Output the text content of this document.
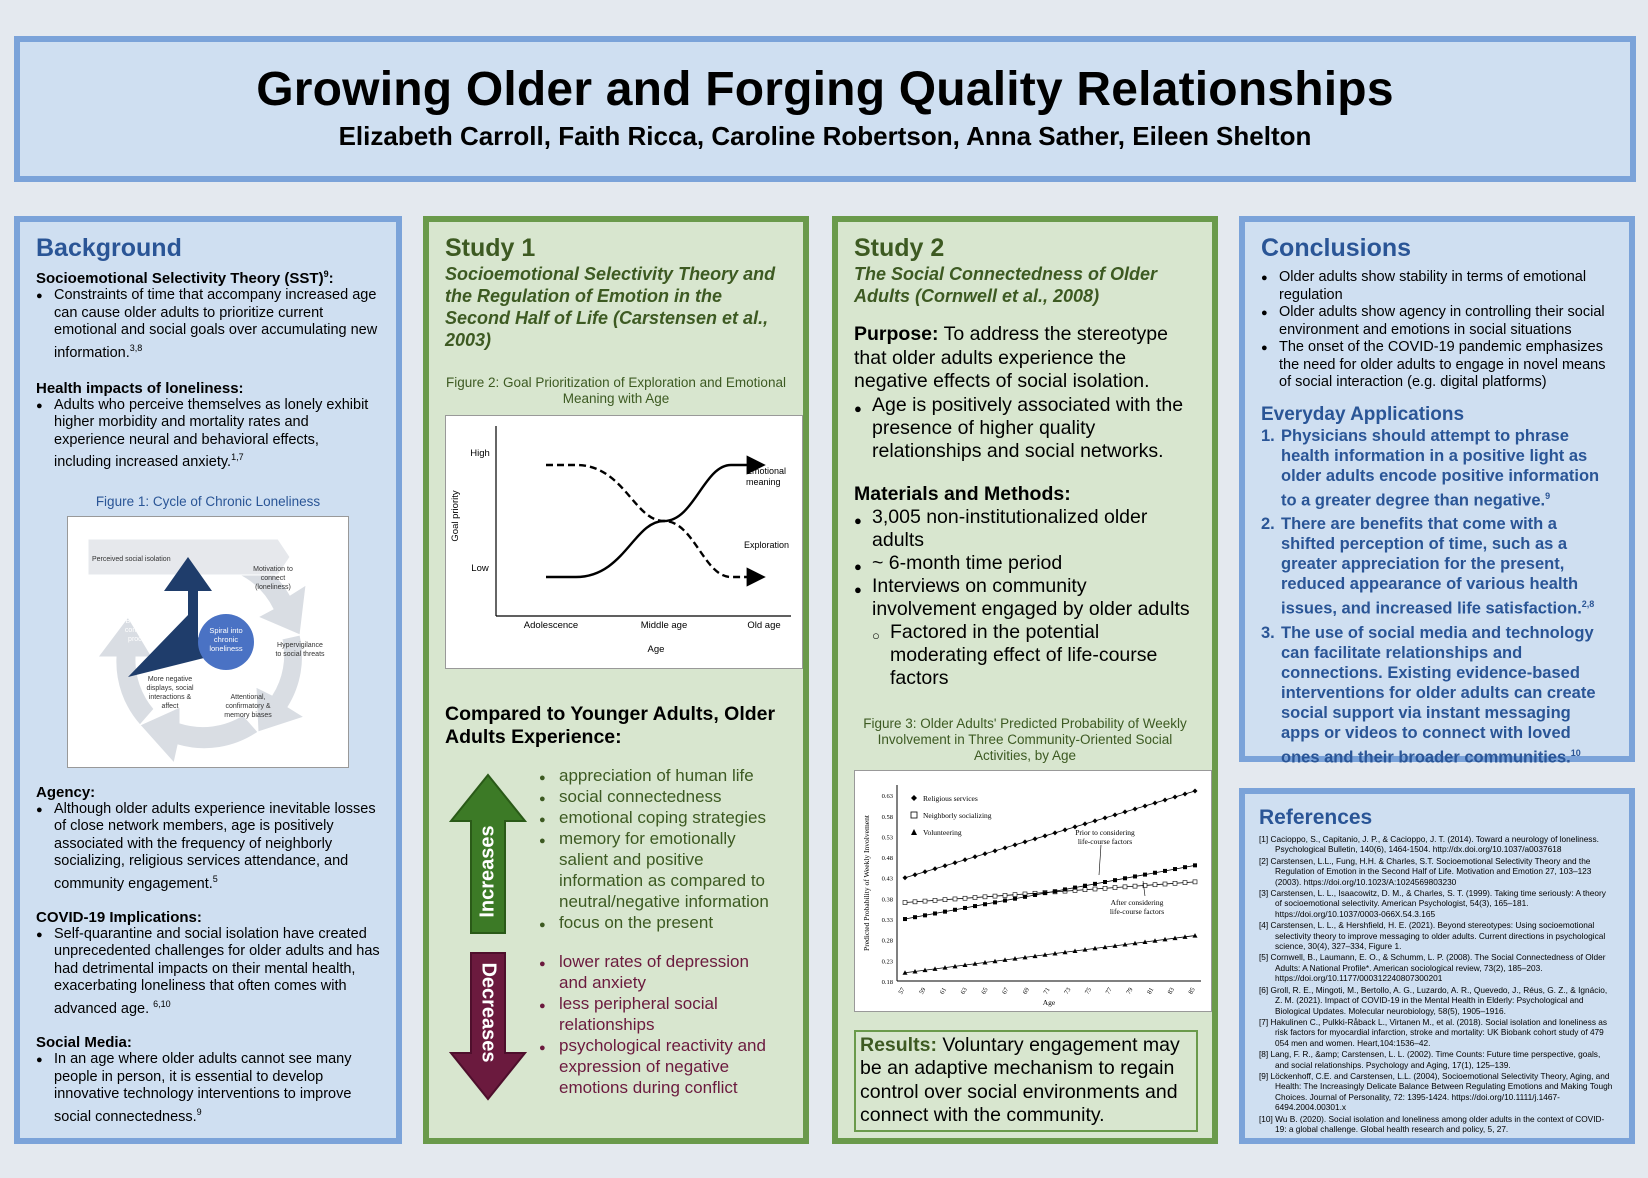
Growing Older and Forging Quality Relationships
Elizabeth Carroll, Faith Ricca, Caroline Robertson, Anna Sather, Eileen Shelton
Background
Socioemotional Selectivity Theory (SST)$^9$:
● Constraints of time that accompany increased age can cause older adults to prioritize current emotional and social goals over accumulating new information.$^{3,8}$
Health impacts of loneliness:
● Adults who perceive themselves as lonely exhibit higher morbidity and mortality rates and experience neural and behavioral effects, including increased anxiety.$^{1,7}$
Figure 1: Cycle of Chronic Loneliness
Spiral into chronic loneliness
Perceived social isolation
Motivation to connect (loneliness)
Hypervigilance to social threats
Attentional, confirmatory & memory biases
More negative displays, social interactions & affect
Behavioural confirmation processes
Agency:
● Although older adults experience inevitable losses of close network members, age is positively associated with the frequency of neighborly socializing, religious services attendance, and community engagement.$^5$
COVID-19 Implications:
● Self-quarantine and social isolation have created unprecedented challenges for older adults and has had detrimental impacts on their mental health, exacerbating loneliness that often comes with advanced age. $^{6,10}$
Social Media:
● In an age where older adults cannot see many people in person, it is essential to develop innovative technology interventions to improve social connectedness.$^9$
Study 1
Socioemotional Selectivity Theory and the Regulation of Emotion in the Second Half of Life (Carstensen et al., 2003)
Figure 2: Goal Prioritization of Exploration and Emotional Meaning with Age
High
Low
Goal priority
Adolescence	Middle age	Old age
Age
Emotional meaning
Exploration
Compared to Younger Adults, Older Adults Experience:
Increases
● appreciation of human life
● social connectedness
● emotional coping strategies
● memory for emotionally salient and positive information as compared to neutral/negative information
● focus on the present
Decreases
● lower rates of depression and anxiety
● less peripheral social relationships
● psychological reactivity and expression of negative emotions during conflict
Study 2
The Social Connectedness of Older Adults (Cornwell et al., 2008)
Purpose: To address the stereotype that older adults experience the negative effects of social isolation.
● Age is positively associated with the presence of higher quality relationships and social networks.
Materials and Methods:
● 3,005 non-institutionalized older adults
● ~ 6-month time period
● Interviews on community involvement engaged by older adults
○ Factored in the potential moderating effect of life-course factors
Figure 3: Older Adults' Predicted Probability of Weekly Involvement in Three Community-Oriented Social Activities, by Age
0.18
0.23
0.28
0.33
0.38
0.43
0.48
0.53
0.58
0.63
57 59 61 63 65 67 69 71 73 75 77 79 81 83 85
Predicted Probability of Weekly Involvement
Age
Religious services
Neighborly socializing
Volunteering	Prior to considering life-course factors
After considering life-course factors
Results: Voluntary engagement may be an adaptive mechanism to regain control over social environments and connect with the community.
Conclusions
● Older adults show stability in terms of emotional regulation
● Older adults show agency in controlling their social environment and emotions in social situations
● The onset of the COVID-19 pandemic emphasizes the need for older adults to engage in novel means of social interaction (e.g. digital platforms)
Everyday Applications
1. Physicians should attempt to phrase health information in a positive light as older adults encode positive information to a greater degree than negative.$^9$
2. There are benefits that come with a shifted perception of time, such as a greater appreciation for the present, reduced appearance of various health issues, and increased life satisfaction.$^{2,8}$
3. The use of social media and technology can facilitate relationships and connections. Existing evidence-based interventions for older adults can create social support via instant messaging apps or videos to connect with loved ones and their broader communities.$^{10}$
References

[1] Cacioppo, S., Capitanio, J. P., & Cacioppo, J. T. (2014). Toward a neurology of loneliness. Psychological Bulletin, 140(6), 1464-1504. http://dx.doi.org/10.1037/a0037618

[2] Carstensen, L.L., Fung, H.H. & Charles, S.T. Socioemotional Selectivity Theory and the Regulation of Emotion in the Second Half of Life. Motivation and Emotion 27, 103–123 (2003). https://doi.org/10.1023/A:1024569803230

[3] Carstensen, L. L., Isaacowitz, D. M., & Charles, S. T. (1999). Taking time seriously: A theory of socioemotional selectivity. American Psychologist, 54(3), 165–181. https://doi.org/10.1037/0003-066X.54.3.165

[4] Carstensen, L. L., & Hershfield, H. E. (2021). Beyond stereotypes: Using socioemotional selectivity theory to improve messaging to older adults. Current directions in psychological science, 30(4), 327–334, Figure 1.

[5] Cornwell, B., Laumann, E. O., & Schumm, L. P. (2008). The Social Connectedness of Older Adults: A National Profile*. American sociological review, 73(2), 185–203. https://doi.org/10.1177/000312240807300201

[6] Groll, R. E., Mingoti, M., Bertollo, A. G., Luzardo, A. R., Quevedo, J., Réus, G. Z., & Ignácio, Z. M. (2021). Impact of COVID-19 in the Mental Health in Elderly: Psychological and Biological Updates. Molecular neurobiology, 58(5), 1905–1916.

[7] Hakulinen C., Pulkki-Råback L., Virtanen M., et al. (2018). Social isolation and loneliness as risk factors for myocardial infarction, stroke and mortality: UK Biobank cohort study of 479 054 men and women. Heart,104:1536–42.

[8] Lang, F. R., &amp; Carstensen, L. L. (2002). Time Counts: Future time perspective, goals, and social relationships. Psychology and Aging, 17(1), 125–139.

[9] Löckenhoff, C.E. and Carstensen, L.L. (2004), Socioemotional Selectivity Theory, Aging, and Health: The Increasingly Delicate Balance Between Regulating Emotions and Making Tough Choices. Journal of Personality, 72: 1395-1424. https://doi.org/10.1111/j.1467-6494.2004.00301.x

[10] Wu B. (2020). Social isolation and loneliness among older adults in the context of COVID-19: a global challenge. Global health research and policy, 5, 27.
